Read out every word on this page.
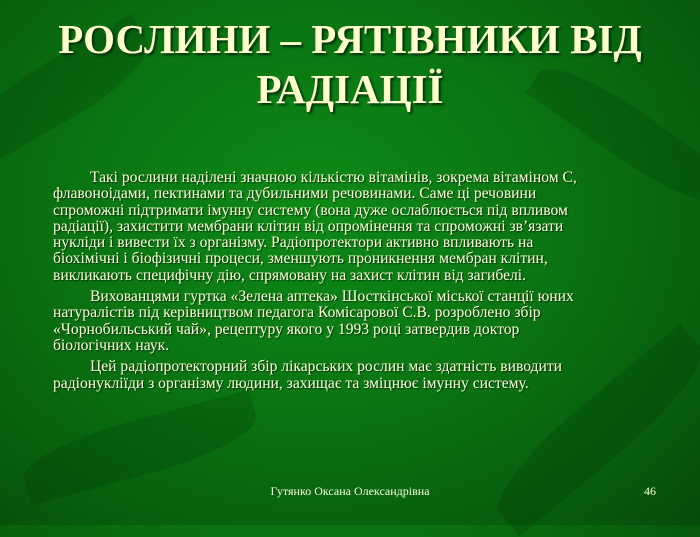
РОСЛИНИ – РЯТІВНИКИ ВІД
РАДІАЦІЇ
Такі рослини наділені значною кількістю вітамінів, зокрема вітаміном С,
флавоноідами, пектинами та дубильними речовинами. Саме ці речовини
спроможні підтримати імунну систему (вона дуже ослаблюється під впливом
радіації), захистити мембрани клітин від опромінення та спроможні зв’язати
нукліди і вивести їх з організму. Радіопротектори активно впливають на
біохімічні і біофізичні процеси, зменшують проникнення мембран клітин,
викликають специфічну дію, спрямовану на захист клітин від загибелі.
Вихованцями гуртка «Зелена аптека» Шосткінської міської станції юних
натуралістів під керівництвом педагога Комісарової С.В. розроблено збір
«Чорнобильський чай», рецептуру якого у 1993 році затвердив доктор
біологічних наук.
Цей радіопротекторний збір лікарських рослин має здатність виводити
радіонукліїди з організму людини, захищає та зміцнює імунну систему.
Гутянко Оксана Олександрівна	46
